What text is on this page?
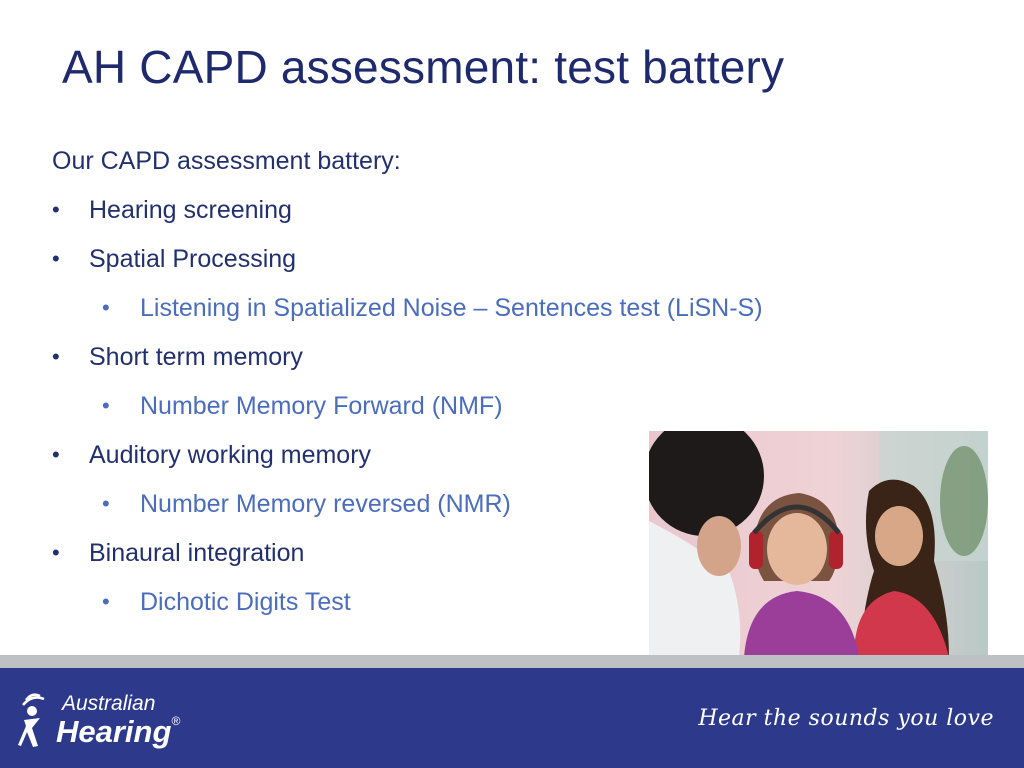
AH CAPD assessment: test battery
Our CAPD assessment battery:
• Hearing screening
• Spatial Processing
• Listening in Spatialized Noise – Sentences test (LiSN-S)
• Short term memory
• Number Memory Forward (NMF)
• Auditory working memory
• Number Memory reversed (NMR)
• Binaural integration
• Dichotic Digits Test
Australian
Hearing®	Hear the sounds you love
